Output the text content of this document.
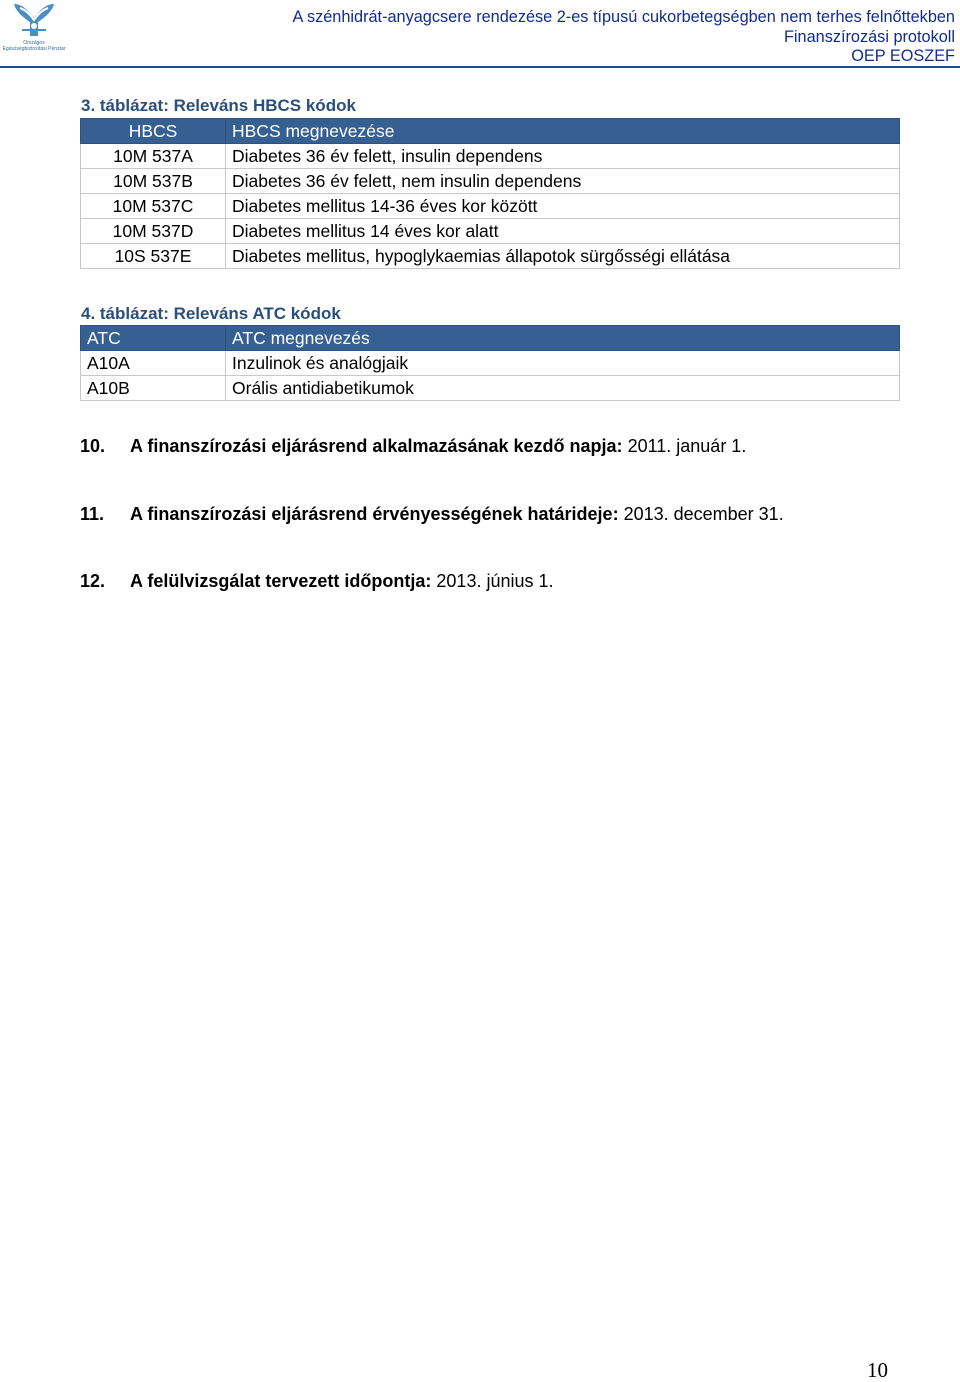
Országos Egészségbiztosítási Pénztár
A szénhidrát-anyagcsere rendezése 2-es típusú cukorbetegségben nem terhes felnőttekben
Finanszírozási protokoll
OEP EOSZEF
3. táblázat: Releváns HBCS kódok
HBCS	HBCS megnevezése
10M 537A	Diabetes 36 év felett, insulin dependens
10M 537B	Diabetes 36 év felett, nem insulin dependens
10M 537C	Diabetes mellitus 14-36 éves kor között
10M 537D	Diabetes mellitus 14 éves kor alatt
10S 537E	Diabetes mellitus, hypoglykaemias állapotok sürgősségi ellátása
4. táblázat: Releváns ATC kódok
ATC	ATC megnevezés
A10A	Inzulinok és analógjaik
A10B	Orális antidiabetikumok
10. A finanszírozási eljárásrend alkalmazásának kezdő napja: 2011. január 1.
11. A finanszírozási eljárásrend érvényességének határideje: 2013. december 31.
12. A felülvizsgálat tervezett időpontja: 2013. június 1.
10
